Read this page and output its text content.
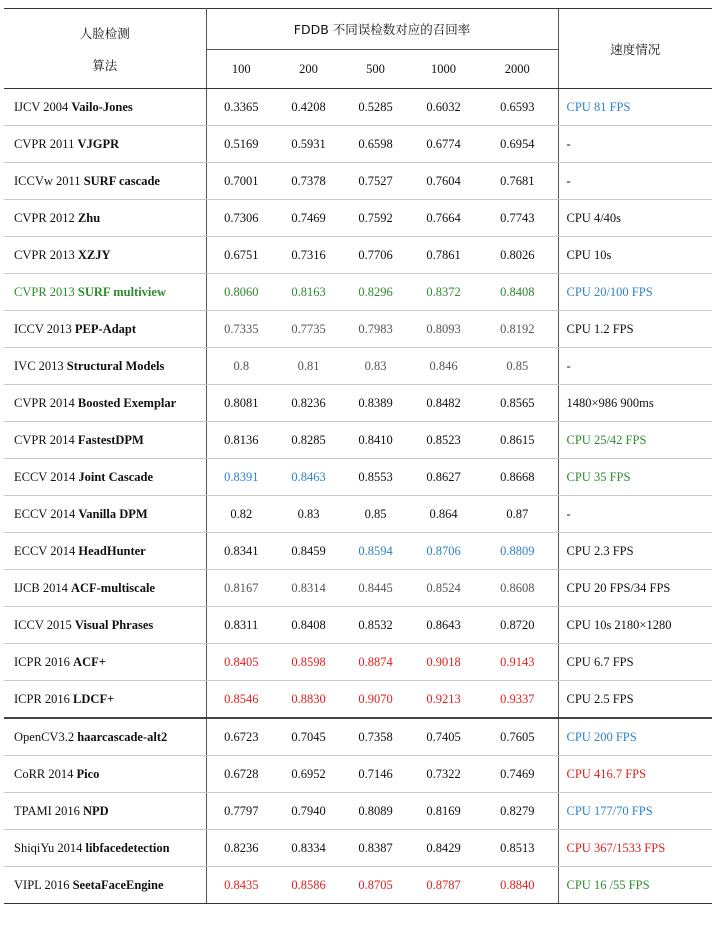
人脸检测
算法	FDDB 不同误检数对应的召回率					速度情况
	100	200	500	1000	2000	
IJCV 2004 Vailo-Jones	0.3365	0.4208	0.5285	0.6032	0.6593	CPU 81 FPS
CVPR 2011 VJGPR	0.5169	0.5931	0.6598	0.6774	0.6954	-
ICCVw 2011 SURF cascade	0.7001	0.7378	0.7527	0.7604	0.7681	-
CVPR 2012 Zhu	0.7306	0.7469	0.7592	0.7664	0.7743	CPU 4/40s
CVPR 2013 XZJY	0.6751	0.7316	0.7706	0.7861	0.8026	CPU 10s
CVPR 2013 SURF multiview	0.8060	0.8163	0.8296	0.8372	0.8408	CPU 20/100 FPS
ICCV 2013 PEP-Adapt	0.7335	0.7735	0.7983	0.8093	0.8192	CPU 1.2 FPS
IVC 2013 Structural Models	0.8	0.81	0.83	0.846	0.85	-
CVPR 2014 Boosted Exemplar	0.8081	0.8236	0.8389	0.8482	0.8565	1480×986 900ms
CVPR 2014 FastestDPM	0.8136	0.8285	0.8410	0.8523	0.8615	CPU 25/42 FPS
ECCV 2014 Joint Cascade	0.8391	0.8463	0.8553	0.8627	0.8668	CPU 35 FPS
ECCV 2014 Vanilla DPM	0.82	0.83	0.85	0.864	0.87	-
ECCV 2014 HeadHunter	0.8341	0.8459	0.8594	0.8706	0.8809	CPU 2.3 FPS
IJCB 2014 ACF-multiscale	0.8167	0.8314	0.8445	0.8524	0.8608	CPU 20 FPS/34 FPS
ICCV 2015 Visual Phrases	0.8311	0.8408	0.8532	0.8643	0.8720	CPU 10s 2180×1280
ICPR 2016 ACF+	0.8405	0.8598	0.8874	0.9018	0.9143	CPU 6.7 FPS
ICPR 2016 LDCF+	0.8546	0.8830	0.9070	0.9213	0.9337	CPU 2.5 FPS
OpenCV3.2 haarcascade-alt2	0.6723	0.7045	0.7358	0.7405	0.7605	CPU 200 FPS
CoRR 2014 Pico	0.6728	0.6952	0.7146	0.7322	0.7469	CPU 416.7 FPS
TPAMI 2016 NPD	0.7797	0.7940	0.8089	0.8169	0.8279	CPU 177/70 FPS
ShiqiYu 2014 libfacedetection	0.8236	0.8334	0.8387	0.8429	0.8513	CPU 367/1533 FPS
VIPL 2016 SeetaFaceEngine	0.8435	0.8586	0.8705	0.8787	0.8840	CPU 16 /55 FPS
